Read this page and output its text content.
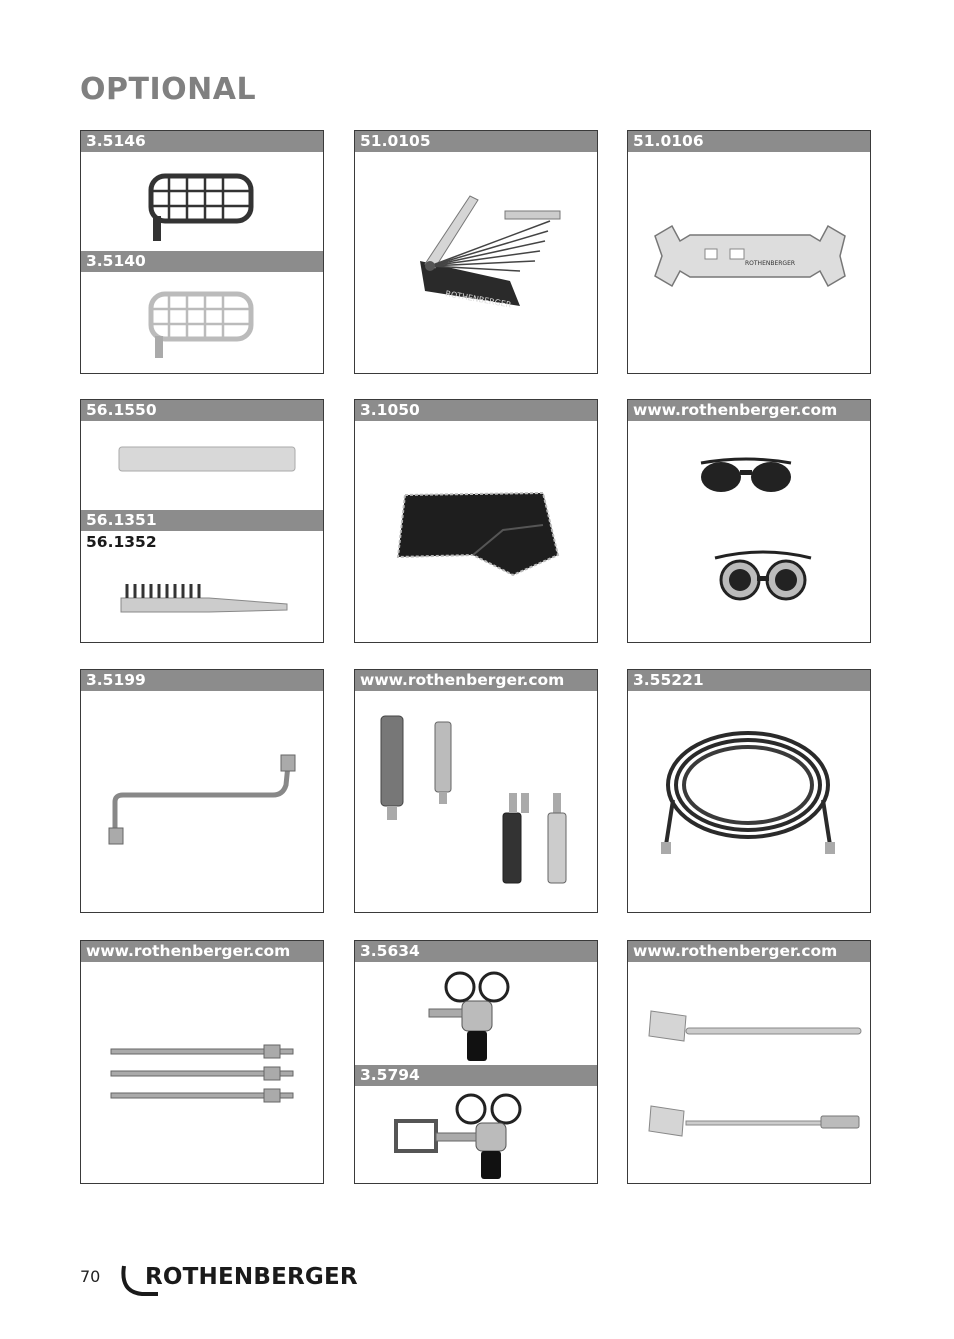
OPTIONAL
3.5146
3.5140
51.0105
ROTHENBERGER
51.0106
ROTHENBERGER
56.1550
56.1351
56.1352
3.1050	www.rothenberger.com
3.5199	www.rothenberger.com	3.55221
www.rothenberger.com	3.5634
3.5794
www.rothenberger.com
70 ROTHENBERGER
